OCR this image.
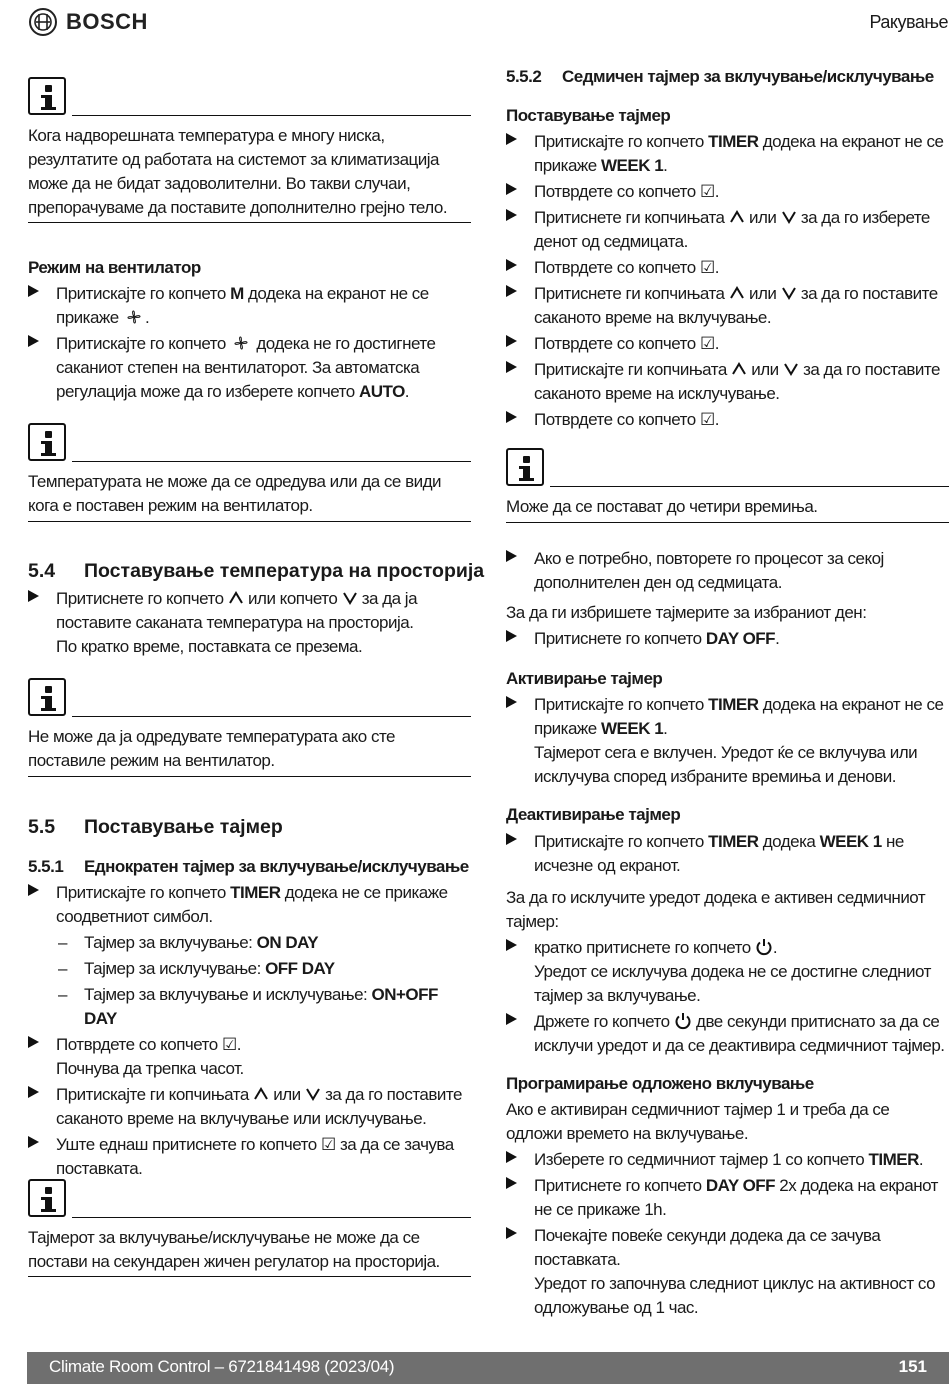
BOSCH	Ракување
Кога надворешната температура е многу ниска, резултатите од работата на системот за климатизација може да не бидат задоволителни. Во такви случаи, препорачуваме да поставите дополнително грејно тело.
Режим на вентилатор
Притискајте го копчето M додека на екранот не се прикаже .
Притискајте го копчето  додека не го достигнете саканиот степен на вентилаторот. За автоматска регулација може да го изберете копчето AUTO.
Температурата не може да се одредува или да се види кога е поставен режим на вентилатор.
5.4 Поставување температура на просторија
Притиснете го копчето  или копчето  за да ја поставите саканата температура на просторија.
По кратко време, поставката се презема.
Не може да ја одредувате температурата ако сте поставиле режим на вентилатор.
5.5 Поставување тајмер
5.5.1 Еднократен тајмер за вклучување/исклучување
Притискајте го копчето TIMER додека не се прикаже соодветниот симбол.
– Тајмер за вклучување: ON DAY
– Тајмер за исклучување: OFF DAY
– Тајмер за вклучување и исклучување: ON+OFF DAY
Потврдете со копчето ☑.
Почнува да трепка часот.
Притискајте ги копчињата  или  за да го поставите саканото време на вклучување или исклучување.
Уште еднаш притиснете го копчето ☑ за да се зачува поставката.
Тајмерот за вклучување/исклучување не може да се постави на секундарен жичен регулатор на просторија.
5.5.2 Седмичен тајмер за вклучување/исклучување
Поставување тајмер
Притискајте го копчето TIMER додека на екранот не се прикаже WEEK 1.
Потврдете со копчето ☑.
Притиснете ги копчињата  или  за да го изберете денот од седмицата.
Потврдете со копчето ☑.
Притиснете ги копчињата  или  за да го поставите саканото време на вклучување.
Потврдете со копчето ☑.
Притискајте ги копчињата  или  за да го поставите саканото време на исклучување.
Потврдете со копчето ☑.
Може да се постават до четири времиња.
Ако е потребно, повторете го процесот за секој дополнителен ден од седмицата.
За да ги избришете тајмерите за избраниот ден:
Притиснете го копчето DAY OFF.
Активирање тајмер
Притискајте го копчето TIMER додека на екранот не се прикаже WEEK 1.
Тајмерот сега е вклучен. Уредот ќе се вклучува или исклучува според избраните времиња и денови.
Деактивирање тајмер
Притискајте го копчето TIMER додека WEEK 1 не исчезне од екранот.
За да го исклучите уредот додека е активен седмичниот тајмер:
кратко притиснете го копчето .
Уредот се исклучува додека не се достигне следниот тајмер за вклучување.
Држете го копчето  две секунди притиснато за да се исклучи уредот и да се деактивира седмичниот тајмер.
Програмирање одложено вклучување
Ако е активиран седмичниот тајмер 1 и треба да се одложи времето на вклучување.
Изберете го седмичниот тајмер 1 со копчето TIMER.
Притиснете го копчето DAY OFF 2x додека на екранот не се прикаже 1h.
Почекајте повеќе секунди додека да се зачува поставката.
Уредот го започнува следниот циклус на активност со одложување од 1 час.
Climate Room Control – 6721841498 (2023/04)	151
